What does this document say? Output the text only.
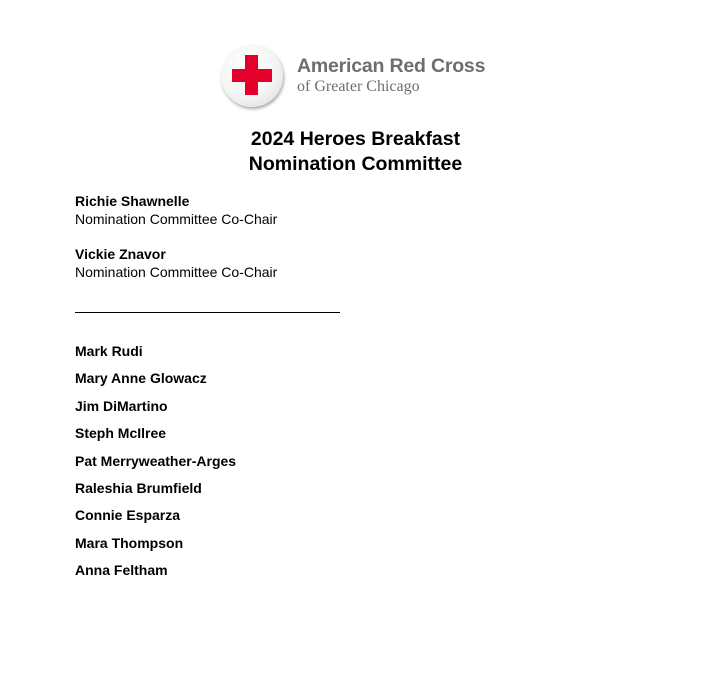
American Red Cross
of Greater Chicago
2024 Heroes Breakfast
Nomination Committee
Richie Shawnelle
Nomination Committee Co-Chair
Vickie Znavor
Nomination Committee Co-Chair
Mark Rudi
Mary Anne Glowacz
Jim DiMartino
Steph McIlree
Pat Merryweather-Arges
Raleshia Brumfield
Connie Esparza
Mara Thompson
Anna Feltham
